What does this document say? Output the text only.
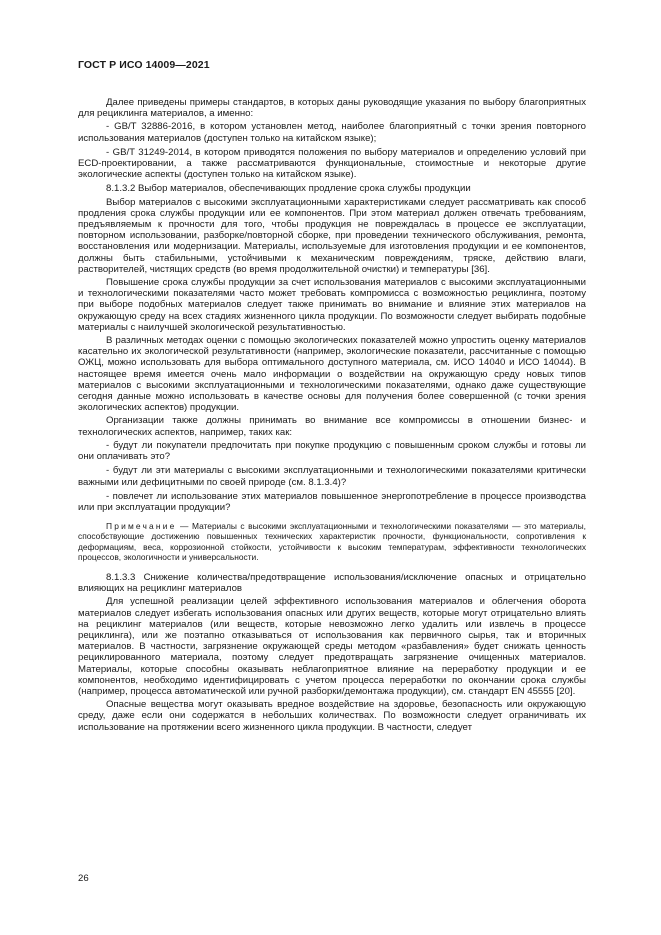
ГОСТ Р ИСО 14009—2021

Далее приведены примеры стандартов, в которых даны руководящие указания по выбору благоприятных для рециклинга материалов, а именно:

- GB/T 32886-2016, в котором установлен метод, наиболее благоприятный с точки зрения повторного использования материалов (доступен только на китайском языке);

- GB/T 31249-2014, в котором приводятся положения по выбору материалов и определению условий при ECD-проектировании, а также рассматриваются функциональные, стоимостные и некоторые другие экологические аспекты (доступен только на китайском языке).

8.1.3.2 Выбор материалов, обеспечивающих продление срока службы продукции

Выбор материалов с высокими эксплуатационными характеристиками следует рассматривать как способ продления срока службы продукции или ее компонентов. При этом материал должен отвечать требованиям, предъявляемым к прочности для того, чтобы продукция не повреждалась в процессе ее эксплуатации, повторном использовании, разборке/повторной сборке, при проведении технического обслуживания, ремонта, восстановления или модернизации. Материалы, используемые для изготовления продукции и ее компонентов, должны быть стабильными, устойчивыми к механическим повреждениям, тряске, действию влаги, растворителей, чистящих средств (во время продолжительной очистки) и температуры [36].

Повышение срока службы продукции за счет использования материалов с высокими эксплуатационными и технологическими показателями часто может требовать компромисса с возможностью рециклинга, поэтому при выборе подобных материалов следует также принимать во внимание и влияние этих материалов на окружающую среду на всех стадиях жизненного цикла продукции. По возможности следует выбирать подобные материалы с наилучшей экологической результативностью.

В различных методах оценки с помощью экологических показателей можно упростить оценку материалов касательно их экологической результативности (например, экологические показатели, рассчитанные с помощью ОЖЦ, можно использовать для выбора оптимального доступного материала, см. ИСО 14040 и ИСО 14044). В настоящее время имеется очень мало информации о воздействии на окружающую среду новых типов материалов с высокими эксплуатационными и технологическими показателями, однако даже существующие сегодня данные можно использовать в качестве основы для получения более совершенной (с точки зрения экологических аспектов) продукции.

Организации также должны принимать во внимание все компромиссы в отношении бизнес- и технологических аспектов, например, таких как:

- будут ли покупатели предпочитать при покупке продукцию с повышенным сроком службы и готовы ли они оплачивать это?

- будут ли эти материалы с высокими эксплуатационными и технологическими показателями критически важными или дефицитными по своей природе (см. 8.1.3.4)?

- повлечет ли использование этих материалов повышенное энергопотребление в процессе производства или при эксплуатации продукции?

Примечание — Материалы с высокими эксплуатационными и технологическими показателями — это материалы, способствующие достижению повышенных технических характеристик прочности, функциональности, сопротивления к деформациям, веса, коррозионной стойкости, устойчивости к высоким температурам, эффективности технологических процессов, экологичности и универсальности.

8.1.3.3 Снижение количества/предотвращение использования/исключение опасных и отрицательно влияющих на рециклинг материалов

Для успешной реализации целей эффективного использования материалов и облегчения оборота материалов следует избегать использования опасных или других веществ, которые могут отрицательно влиять на рециклинг материалов (или веществ, которые невозможно легко удалить или извлечь в процессе рециклинга), или же поэтапно отказываться от использования как первичного сырья, так и вторичных материалов. В частности, загрязнение окружающей среды методом «разбавления» будет снижать ценность рециклированного материала, поэтому следует предотвращать загрязнение очищенных материалов. Материалы, которые способны оказывать неблагоприятное влияние на переработку продукции и ее компонентов, необходимо идентифицировать с учетом процесса переработки по окончании срока службы (например, процесса автоматической или ручной разборки/демонтажа продукции), см. стандарт EN 45555 [20].

Опасные вещества могут оказывать вредное воздействие на здоровье, безопасность или окружающую среду, даже если они содержатся в небольших количествах. По возможности следует ограничивать их использование на протяжении всего жизненного цикла продукции. В частности, следует

26
